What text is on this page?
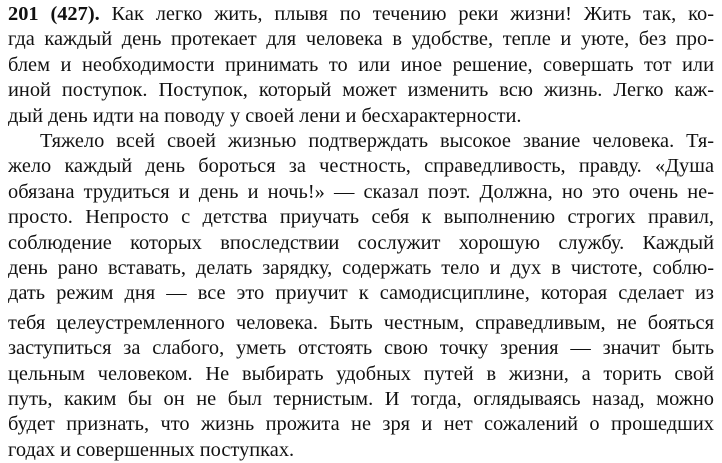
201 (427). Как легко жить, плывя по течению реки жизни! Жить так, ко-
гда каждый день протекает для человека в удобстве, тепле и уюте, без про-
блем и необходимости принимать то или иное решение, совершать тот или
иной поступок. Поступок, который может изменить всю жизнь. Легко каж-
дый день идти на поводу у своей лени и бесхарактерности.
Тяжело всей своей жизнью подтверждать высокое звание человека. Тя-
жело каждый день бороться за честность, справедливость, правду. «Душа
обязана трудиться и день и ночь!» — сказал поэт. Должна, но это очень не-
просто. Непросто с детства приучать себя к выполнению строгих правил,
соблюдение которых впоследствии сослужит хорошую службу. Каждый
день рано вставать, делать зарядку, содержать тело и дух в чистоте, соблю-
дать режим дня — все это приучит к самодисциплине, которая сделает из
тебя целеустремленного человека. Быть честным, справедливым, не бояться
заступиться за слабого, уметь отстоять свою точку зрения — значит быть
цельным человеком. Не выбирать удобных путей в жизни, а торить свой
путь, каким бы он не был тернистым. И тогда, оглядываясь назад, можно
будет признать, что жизнь прожита не зря и нет сожалений о прошедших
годах и совершенных поступках.
